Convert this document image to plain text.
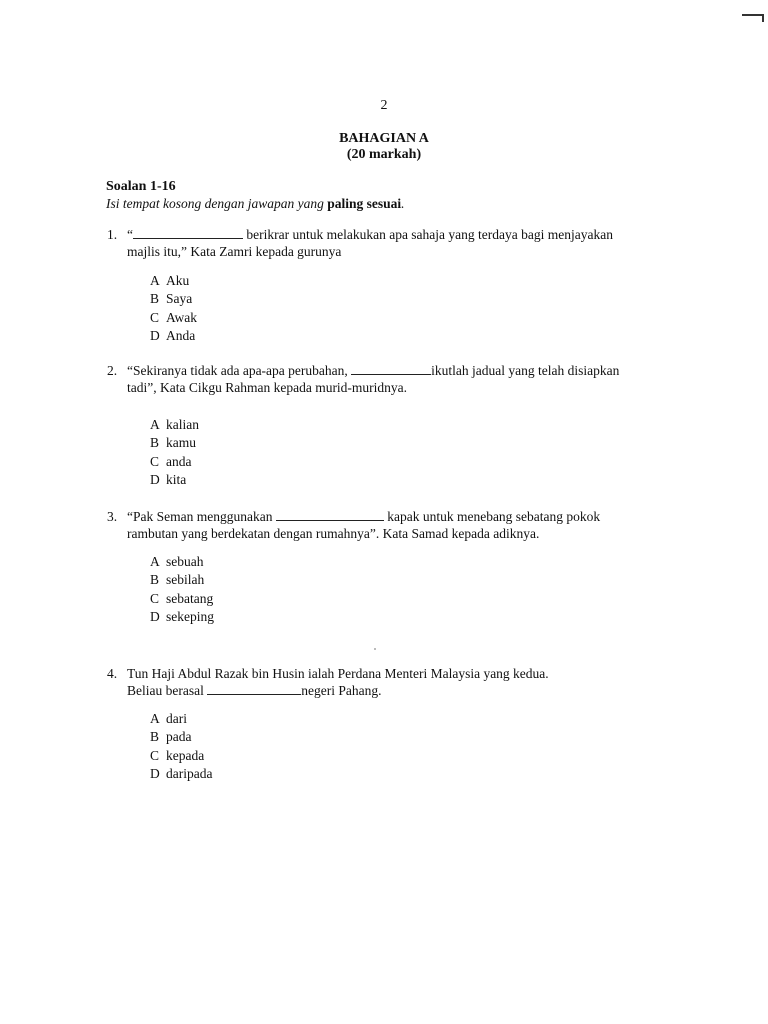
2
BAHAGIAN A
(20 markah)
Soalan 1-16
Isi tempat kosong dengan jawapan yang paling sesuai.
1. “	berikrar untuk melakukan apa sahaja yang terdaya bagi menjayakan
majlis itu,” Kata Zamri kepada gurunya
A Aku
B Saya
C Awak
D Anda
2. “Sekiranya tidak ada apa-apa perubahan,	ikutlah jadual yang telah disiapkan
tadi”, Kata Cikgu Rahman kepada murid-muridnya.
A kalian
B kamu
C anda
D kita
3. “Pak Seman menggunakan	kapak untuk menebang sebatang pokok
rambutan yang berdekatan dengan rumahnya”. Kata Samad kepada adiknya.
A sebuah
B sebilah
C sebatang
D sekeping
4. Tun Haji Abdul Razak bin Husin ialah Perdana Menteri Malaysia yang kedua.
Beliau berasal	negeri Pahang.
A dari
B pada
C kepada
D daripada
